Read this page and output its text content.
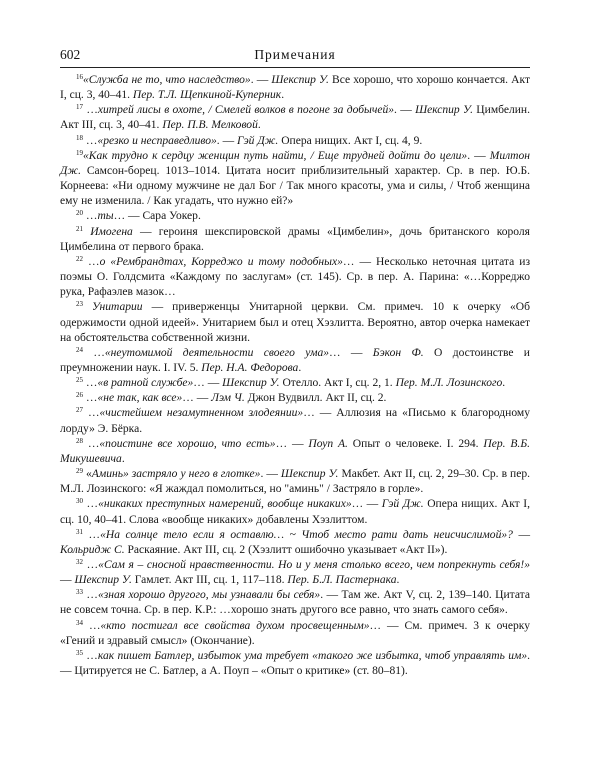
602	Примечания

$^{16}$«Служба не то, что наследство». — Шекспир У. Все хорошо, что хорошо кончается. Акт I, сц. 3, 40–41. Пер. Т.Л. Щепкиной-Куперник.

$^{17}$ …хитрей лисы в охоте, / Смелей волков в погоне за добычей». — Шекспир У. Цимбелин. Акт III, сц. 3, 40–41. Пер. П.В. Мелковой.

$^{18}$ …«резко и несправедливо». — Гэй Дж. Опера нищих. Акт I, сц. 4, 9.

$^{19}$«Как трудно к сердцу женщин путь найти, / Еще трудней дойти до цели». — Милтон Дж. Самсон-борец. 1013–1014. Цитата носит приблизительный характер. Ср. в пер. Ю.Б. Корнеева: «Ни одному мужчине не дал Бог / Так много красоты, ума и силы, / Чтоб женщина ему не изменила. / Как угадать, что нужно ей?»

$^{20}$ …ты… — Сара Уокер.

$^{21}$ Имогена — героиня шекспировской драмы «Цимбелин», дочь британского короля Цимбелина от первого брака.

$^{22}$ …о «Рембрандтах, Корреджо и тому подобных»… — Несколько неточная цитата из поэмы О. Голдсмита «Каждому по заслугам» (ст. 145). Ср. в пер. А. Парина: «…Корреджо рука, Рафаэлев мазок…

$^{23}$ Унитарии — приверженцы Унитарной церкви. См. примеч. 10 к очерку «Об одержимости одной идеей». Унитарием был и отец Хэзлитта. Вероятно, автор очерка намекает на обстоятельства собственной жизни.

$^{24}$ …«неутомимой деятельности своего ума»… — Бэкон Ф. О достоинстве и преумножении наук. I. IV. 5. Пер. Н.А. Федорова.

$^{25}$ …«в ратной службе»… — Шекспир У. Отелло. Акт I, сц. 2, 1. Пер. М.Л. Лозинского.

$^{26}$ …«не так, как все»… — Лэм Ч. Джон Вудвилл. Акт II, сц. 2.

$^{27}$ …«чистейшем незамутненном злодеянии»… — Аллюзия на «Письмо к благородному лорду» Э. Бёрка.

$^{28}$ …«поистине все хорошо, что есть»… — Поуп А. Опыт о человеке. I. 294. Пер. В.Б. Микушевича.

$^{29}$ «Аминь» застряло у него в глотке». — Шекспир У. Макбет. Акт II, сц. 2, 29–30. Ср. в пер. М.Л. Лозинского: «Я жаждал помолиться, но "аминь" / Застряло в горле».

$^{30}$ …«никаких преступных намерений, вообще никаких»… — Гэй Дж. Опера нищих. Акт I, сц. 10, 40–41. Слова «вообще никаких» добавлены Хэзлиттом.

$^{31}$ …«На солнце тело если я оставлю… ~ Чтоб место рати дать неисчислимой»? — Кольридж С. Раскаяние. Акт III, сц. 2 (Хэзлитт ошибочно указывает «Акт II»).

$^{32}$ …«Сам я – сносной нравственности. Но и у меня столько всего, чем попрекнуть себя!» — Шекспир У. Гамлет. Акт III, сц. 1, 117–118. Пер. Б.Л. Пастернака.

$^{33}$ …«зная хорошо другого, мы узнавали бы себя». — Там же. Акт V, сц. 2, 139–140. Цитата не совсем точна. Ср. в пер. К.Р.: …хорошо знать другого все равно, что знать самого себя».

$^{34}$ …«кто постигал все свойства духом просвещенным»… — См. примеч. 3 к очерку «Гений и здравый смысл» (Окончание).

$^{35}$ …как пишет Батлер, избыток ума требует «такого же избытка, чтоб управлять им». — Цитируется не С. Батлер, а А. Поуп – «Опыт о критике» (ст. 80–81).
